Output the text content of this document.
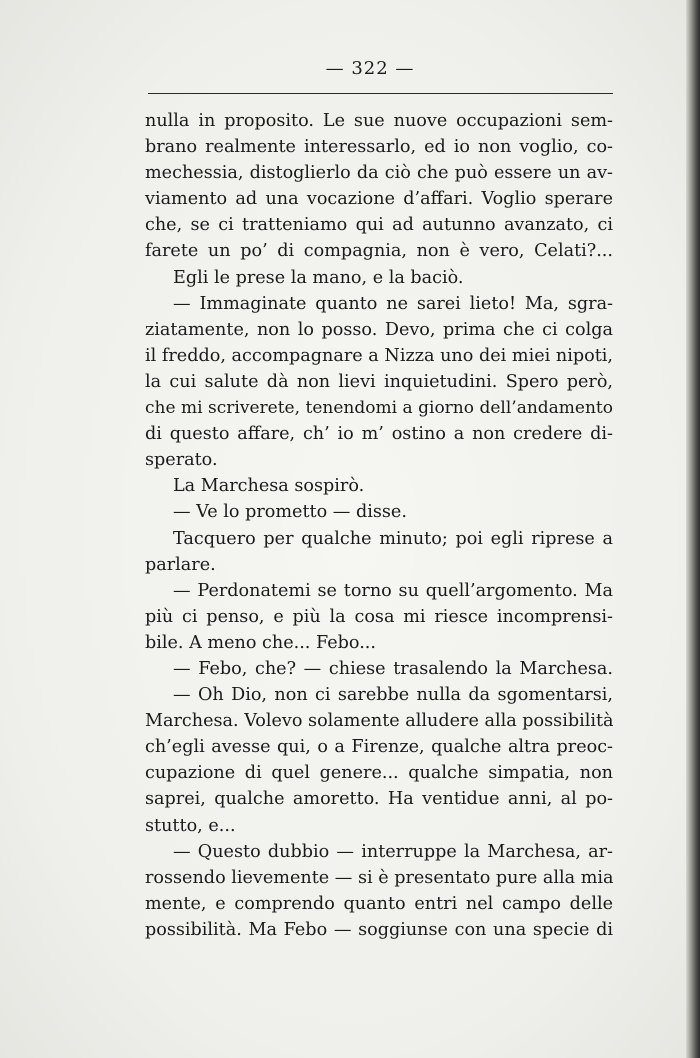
— 322 —
nulla in proposito. Le sue nuove occupazioni sem-
brano realmente interessarlo, ed io non voglio, co-
mechessia, distoglierlo da ciò che può essere un av-
viamento ad una vocazione d’affari. Voglio sperare
che, se ci tratteniamo qui ad autunno avanzato, ci
farete un po’ di compagnia, non è vero, Celati?...
Egli le prese la mano, e la baciò.
— Immaginate quanto ne sarei lieto! Ma, sgra-
ziatamente, non lo posso. Devo, prima che ci colga
il freddo, accompagnare a Nizza uno dei miei nipoti,
la cui salute dà non lievi inquietudini. Spero però,
che mi scriverete, tenendomi a giorno dell’andamento
di questo affare, ch’ io m’ ostino a non credere di-
sperato.
La Marchesa sospirò.
— Ve lo prometto — disse.
Tacquero per qualche minuto; poi egli riprese a
parlare.
— Perdonatemi se torno su quell’argomento. Ma
più ci penso, e più la cosa mi riesce incomprensi-
bile. A meno che... Febo...
— Febo, che? — chiese trasalendo la Marchesa.
— Oh Dio, non ci sarebbe nulla da sgomentarsi,
Marchesa. Volevo solamente alludere alla possibilità
ch’egli avesse qui, o a Firenze, qualche altra preoc-
cupazione di quel genere... qualche simpatia, non
saprei, qualche amoretto. Ha ventidue anni, al po-
stutto, e...
— Questo dubbio — interruppe la Marchesa, ar-
rossendo lievemente — si è presentato pure alla mia
mente, e comprendo quanto entri nel campo delle
possibilità. Ma Febo — soggiunse con una specie di
